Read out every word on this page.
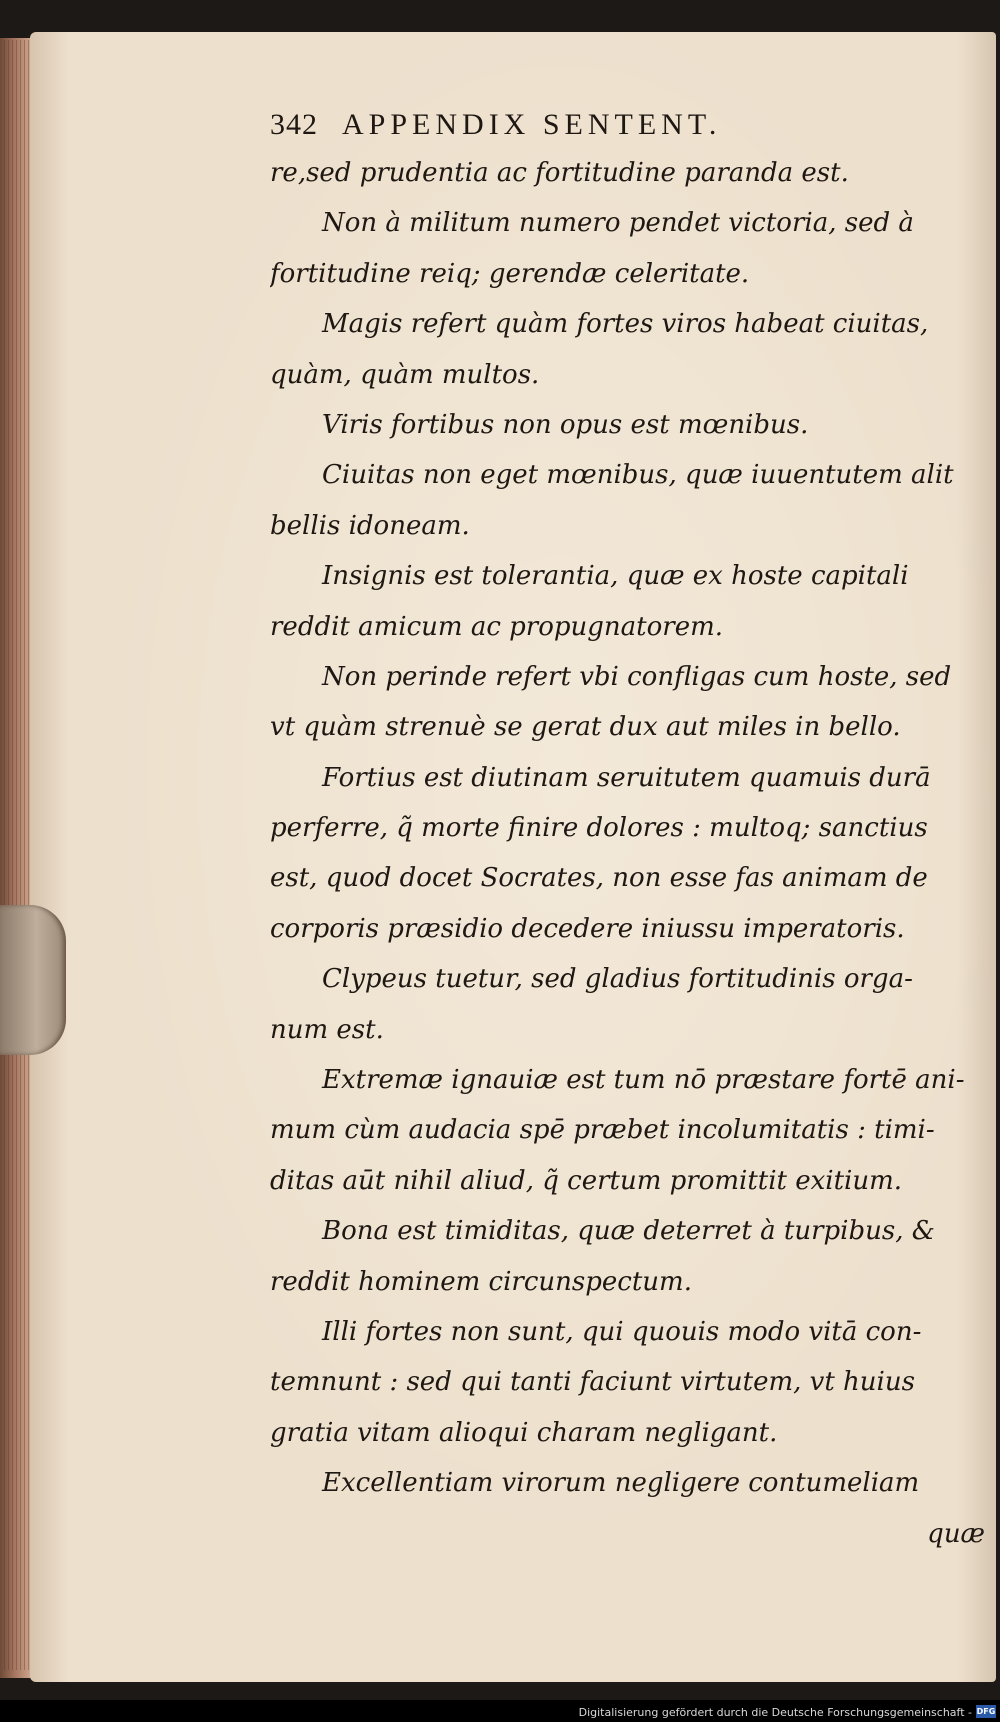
342 APPENDIX SENTENT.
re,sed prudentia ac fortitudine paranda est.
Non à militum numero pendet victoria, sed à
fortitudine reiq; gerendæ celeritate.
Magis refert quàm fortes viros habeat ciuitas,
quàm, quàm multos.
Viris fortibus non opus est mœnibus.
Ciuitas non eget mœnibus, quæ iuuentutem alit
bellis idoneam.
Insignis est tolerantia, quæ ex hoste capitali
reddit amicum ac propugnatorem.
Non perinde refert vbi confligas cum hoste, sed
vt quàm strenuè se gerat dux aut miles in bello.
Fortius est diutinam seruitutem quamuis durā
perferre, q̃ morte finire dolores : multoq; sanctius
est, quod docet Socrates, non esse fas animam de
corporis præsidio decedere iniussu imperatoris.
Clypeus tuetur, sed gladius fortitudinis orga-
num est.
Extremæ ignauiæ est tum nō præstare fortē ani-
mum cùm audacia spē præbet incolumitatis : timi-
ditas aūt nihil aliud, q̃ certum promittit exitium.
Bona est timiditas, quæ deterret à turpibus, &
reddit hominem circunspectum.
Illi fortes non sunt, qui quouis modo vitā con-
temnunt : sed qui tanti faciunt virtutem, vt huius
gratia vitam alioqui charam negligant.
Excellentiam virorum negligere contumeliam
quæ
Digitalisierung gefördert durch die Deutsche Forschungsgemeinschaft - DFG
